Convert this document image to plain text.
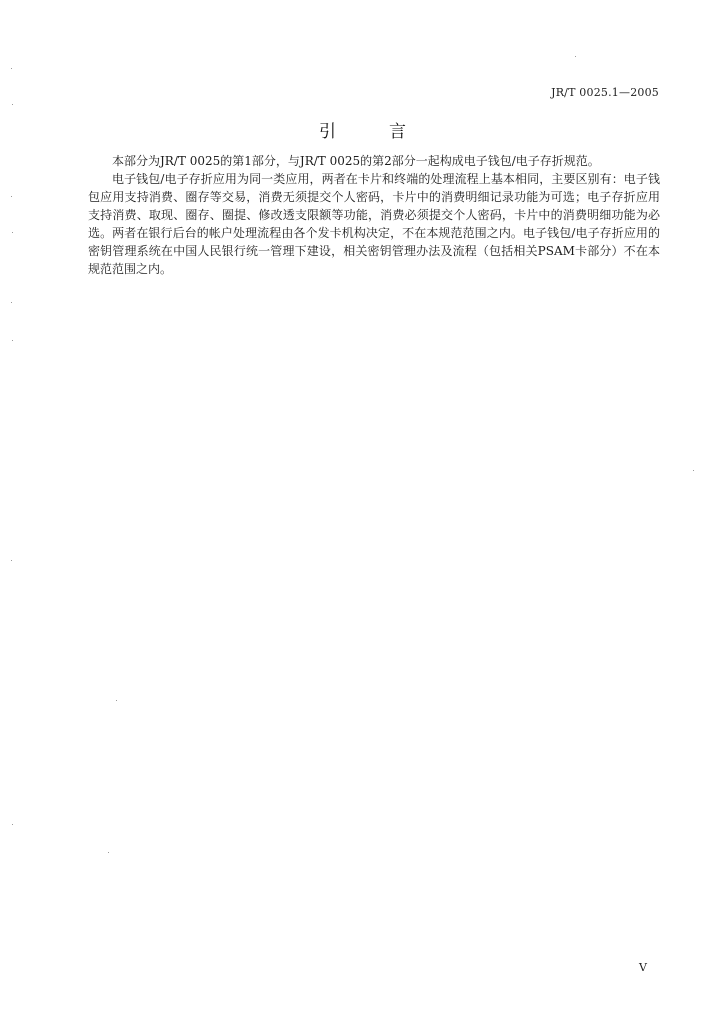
JR/T 0025.1—2005
引　言

本部分为JR/T 0025的第1部分，与JR/T 0025的第2部分一起构成电子钱包/电子存折规范。

电子钱包/电子存折应用为同一类应用，两者在卡片和终端的处理流程上基本相同，主要区别有：电子钱包应用支持消费、圈存等交易，消费无须提交个人密码，卡片中的消费明细记录功能为可选；电子存折应用支持消费、取现、圈存、圈提、修改透支限额等功能，消费必须提交个人密码，卡片中的消费明细功能为必选。两者在银行后台的帐户处理流程由各个发卡机构决定，不在本规范范围之内。电子钱包/电子存折应用的密钥管理系统在中国人民银行统一管理下建设，相关密钥管理办法及流程（包括相关PSAM卡部分）不在本规范范围之内。

V
